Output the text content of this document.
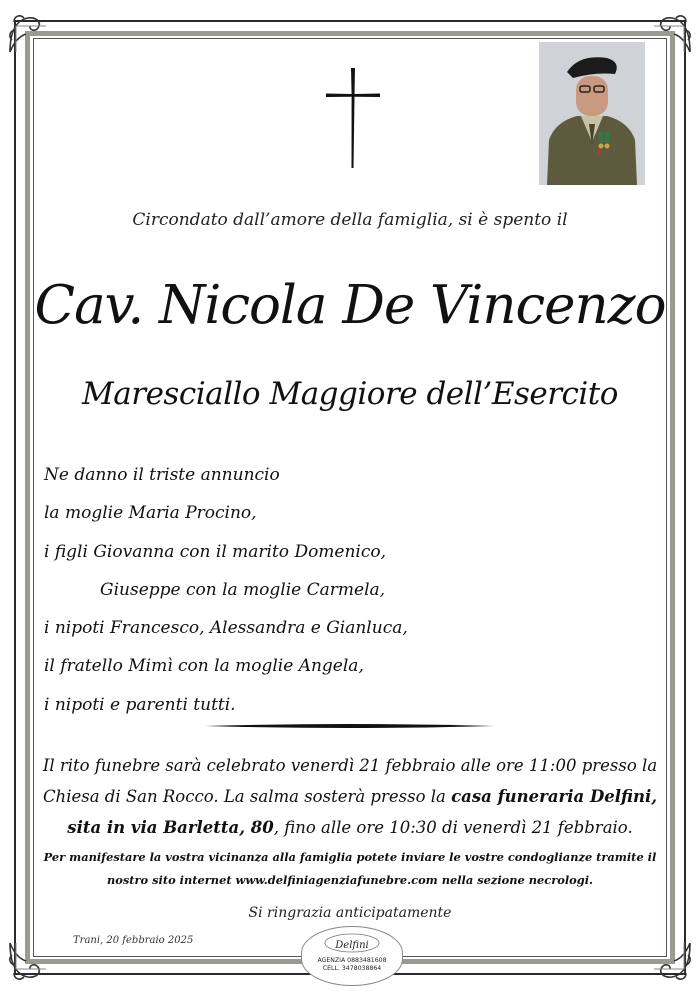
Circondato dall’amore della famiglia, si è spento il
Cav. Nicola De Vincenzo
Maresciallo Maggiore dell’Esercito
Ne danno il triste annuncio
la moglie Maria Procino,
i figli Giovanna con il marito Domenico,
Giuseppe con la moglie Carmela,
i nipoti Francesco, Alessandra e Gianluca,
il fratello Mimì con la moglie Angela,
i nipoti e parenti tutti.
Il rito funebre sarà celebrato venerdì 21 febbraio alle ore 11:00 presso la Chiesa di San Rocco. La salma sosterà presso la casa funeraria Delfini, sita in via Barletta, 80, fino alle ore 10:30 di venerdì 21 febbraio.
Per manifestare la vostra vicinanza alla famiglia potete inviare le vostre condoglianze tramite il nostro sito internet www.delfiniagenziafunebre.com nella sezione necrologi.
Si ringrazia anticipatamente
Trani, 20 febbraio 2025	Delfini
AGENZIA 0883481608
CELL. 3478038864
